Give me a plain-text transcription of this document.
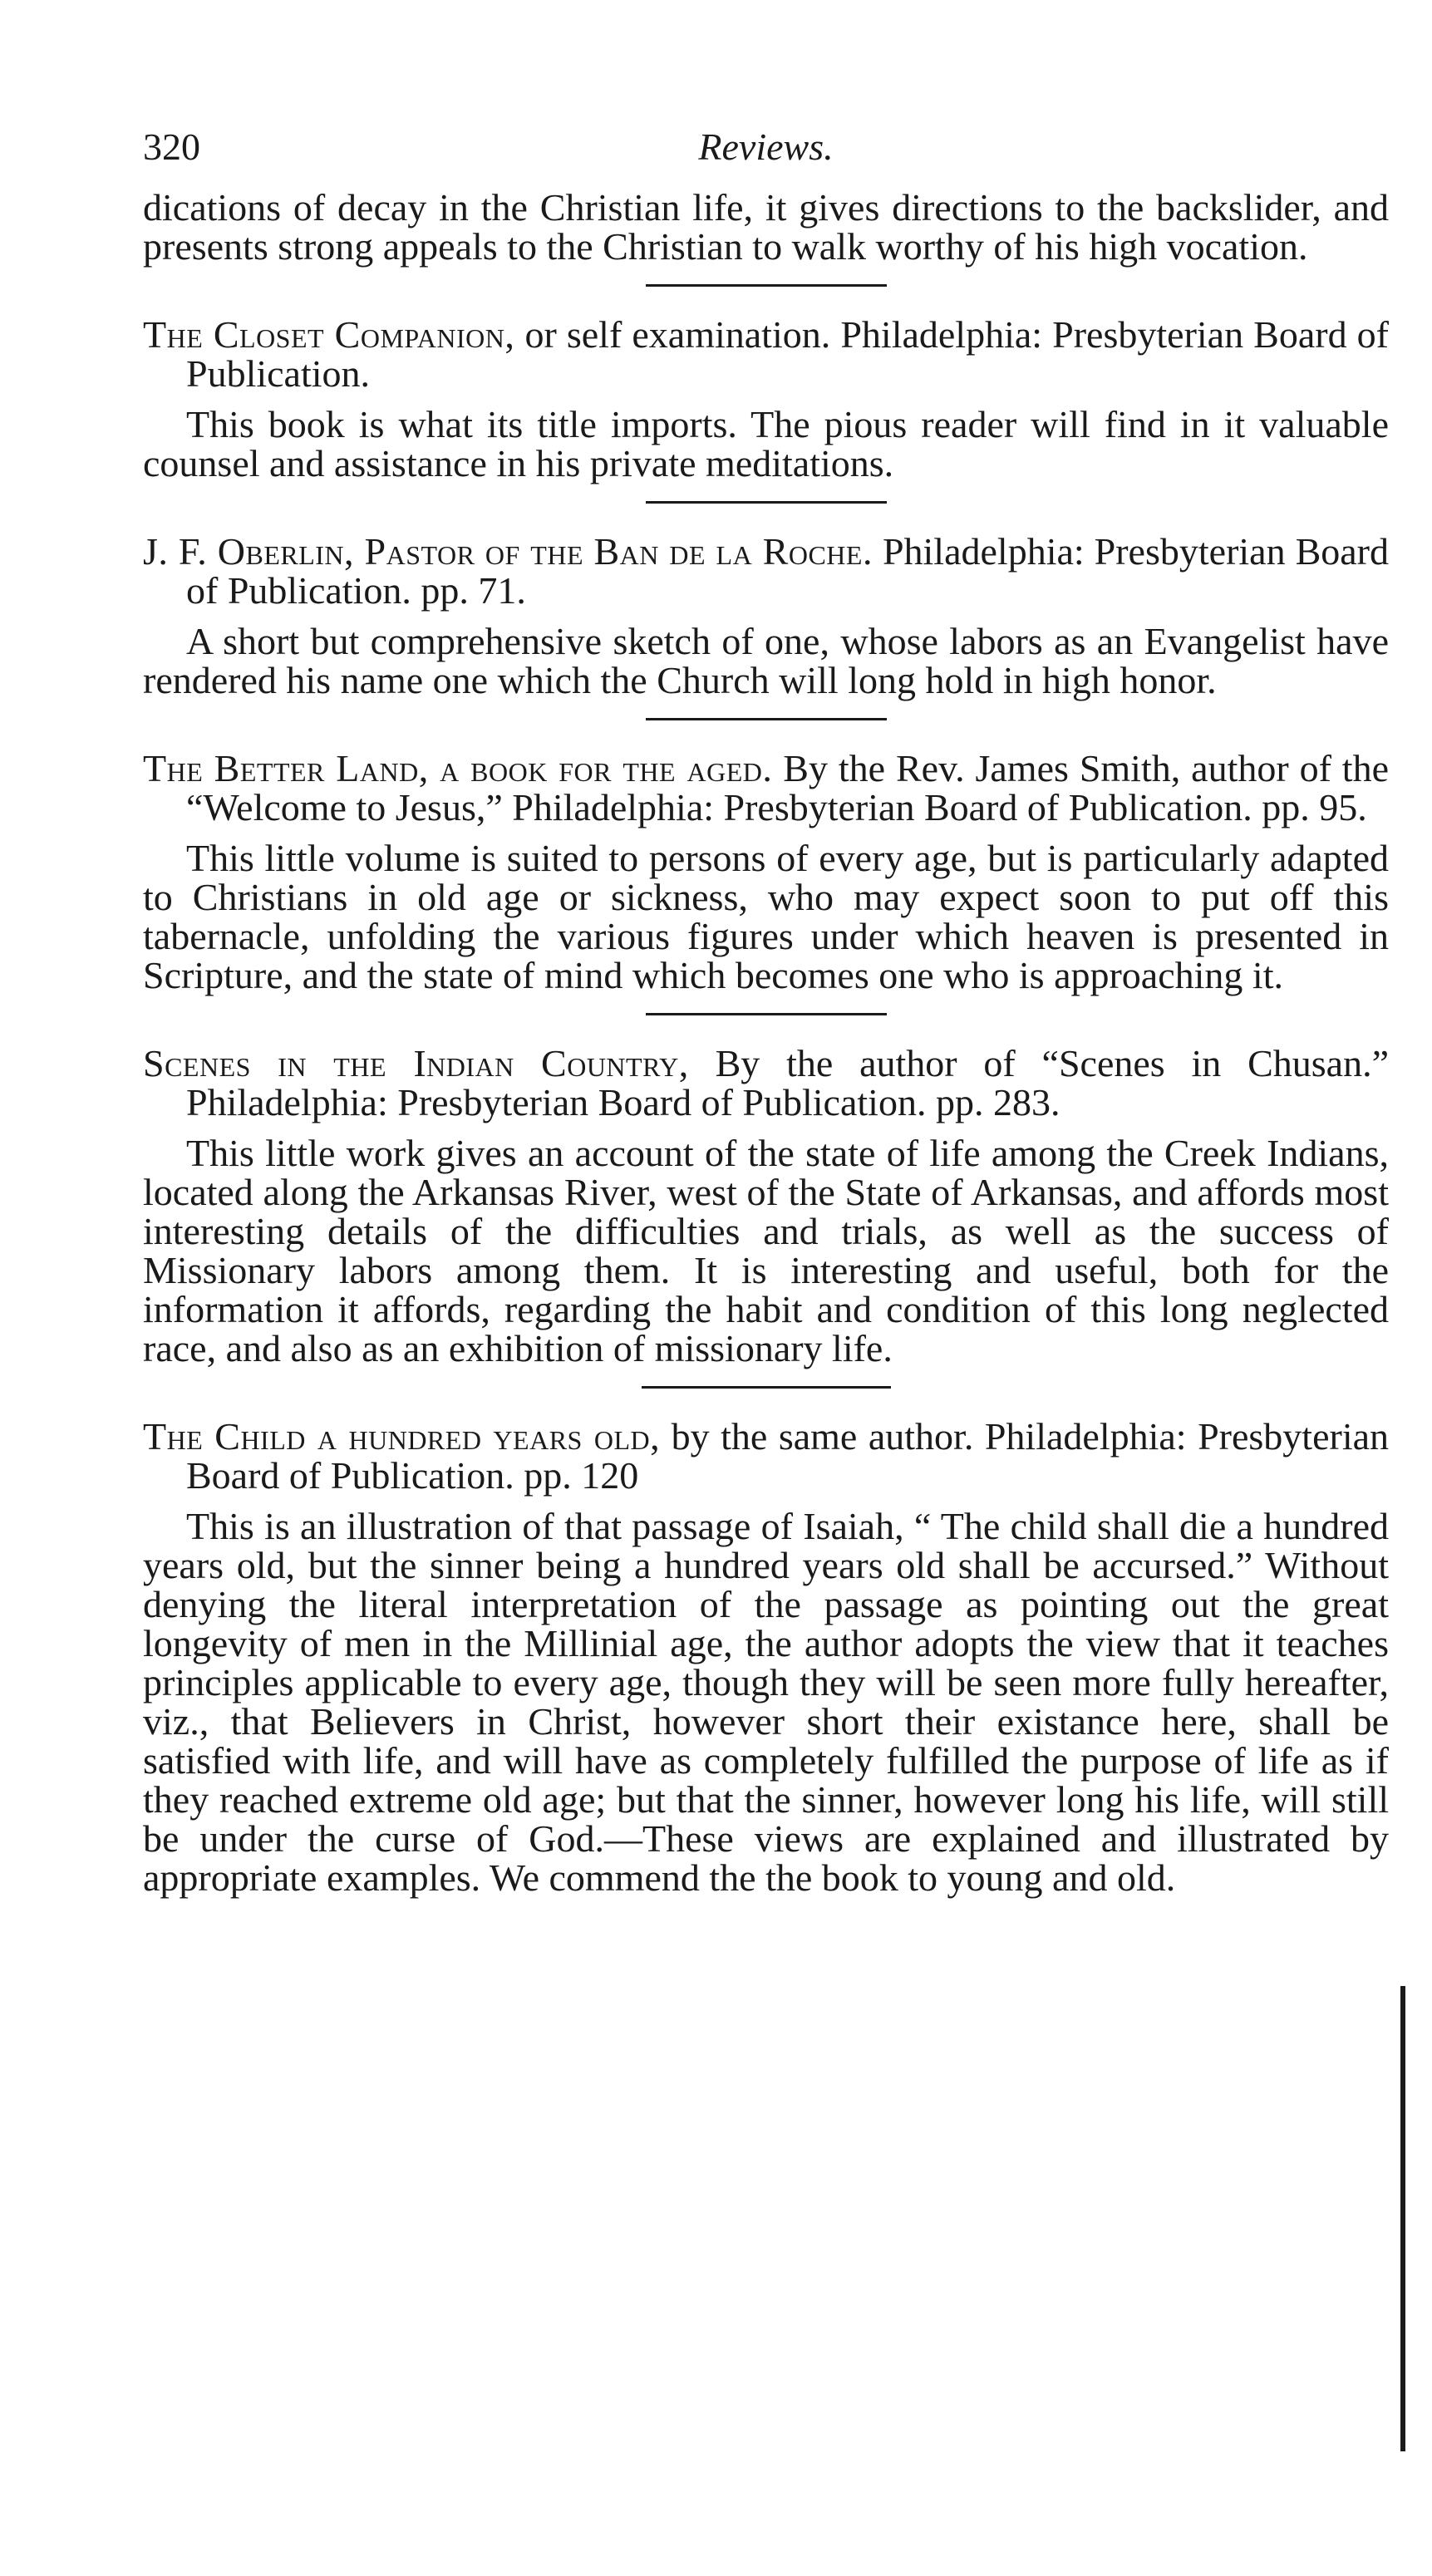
320	Reviews.

dications of decay in the Christian life, it gives directions to the backslider, and presents strong appeals to the Christian to walk worthy of his high vocation.

The Closet Companion, or self examination. Philadelphia: Presbyterian Board of Publication.

This book is what its title imports. The pious reader will find in it valuable counsel and assistance in his private meditations.

J. F. Oberlin, Pastor of the Ban de la Roche. Philadelphia: Presbyterian Board of Publication. pp. 71.

A short but comprehensive sketch of one, whose labors as an Evangelist have rendered his name one which the Church will long hold in high honor.

The Better Land, a book for the aged. By the Rev. James Smith, author of the “Welcome to Jesus,” Philadelphia: Presbyterian Board of Publication. pp. 95.

This little volume is suited to persons of every age, but is particularly adapted to Christians in old age or sickness, who may expect soon to put off this tabernacle, unfolding the various figures under which heaven is presented in Scripture, and the state of mind which becomes one who is approaching it.

Scenes in the Indian Country, By the author of “Scenes in Chusan.” Philadelphia: Presbyterian Board of Publication. pp. 283.

This little work gives an account of the state of life among the Creek Indians, located along the Arkansas River, west of the State of Arkansas, and affords most interesting details of the difficulties and trials, as well as the success of Missionary labors among them. It is interesting and useful, both for the information it affords, regarding the habit and condition of this long neglected race, and also as an exhibition of missionary life.

The Child a hundred years old, by the same author. Philadelphia: Presbyterian Board of Publication. pp. 120

This is an illustration of that passage of Isaiah, “ The child shall die a hundred years old, but the sinner being a hundred years old shall be accursed.” Without denying the literal interpretation of the passage as pointing out the great longevity of men in the Millinial age, the author adopts the view that it teaches principles applicable to every age, though they will be seen more fully hereafter, viz., that Believers in Christ, however short their existance here, shall be satisfied with life, and will have as completely fulfilled the purpose of life as if they reached extreme old age; but that the sinner, however long his life, will still be under the curse of God.—These views are explained and illustrated by appropriate examples. We commend the the book to young and old.
